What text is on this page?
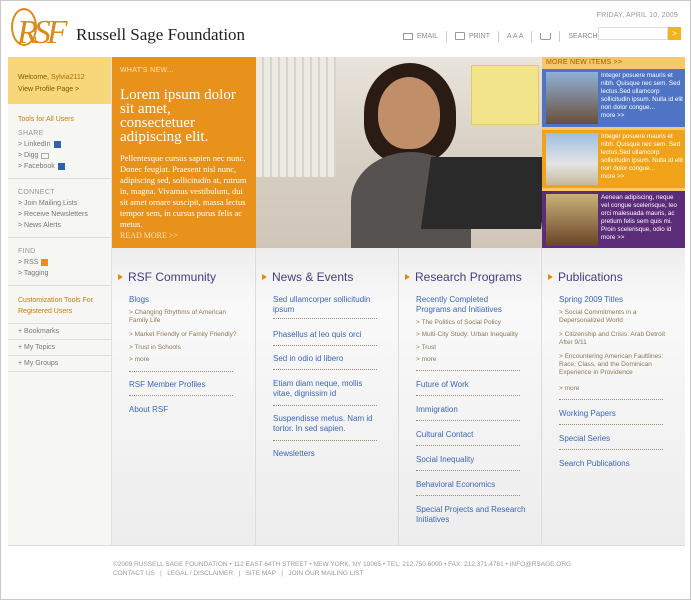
RSF Russell Sage Foundation
FRIDAY, APRIL 10, 2009
EMAIL	PRINT A A A	SEARCH	>
Welcome, Sylvia2112
View Profile Page >
Tools for All Users
SHARE
> LinkedIn
> Digg
> Facebook
CONNECT
> Join Mailing Lists
> Receive Newsletters
> News Alerts
FIND
> RSS
> Tagging
Customization Tools For Registered Users
+ Bookmarks
+ My Topics
+ My Groups
WHAT'S NEW...
Lorem ipsum dolor sit amet, consectetuer adipiscing elit.
Pellentesque cursus sapien nec nunc. Donec feugiat. Praesent nisl nunc, adipiscing sed, sollicitudin at, rutrum in, magna. Vivamus vestibulum, dui sit amet ornare suscipit, massa lectus tempor sem, in cursus purus felis ac metus.
READ MORE >>
MORE NEW ITEMS >>
Integer posuere mauris et nibh. Quisque nec sem. Sed lectus.Sed ullamcorp sollicitudin ipsum. Nulla id elit non dolor congue...
more >>
Integer posuere mauris et nibh. Quisque nec sem. Sed lectus.Sed ullamcorp sollicitudin ipsum. Nulla id elit non dolor congue...
more >>
Aenean adipiscing, neque vel congue scelerisque, leo orci malesuada mauris, ac pretium felis sem quis mi. Proin scelerisque, odio id
more >>
RSF Community
Blogs
> Changing Rhythms of American Family Life
> Market Friendly or Family Friendly?
> Trust in Schools
> more
RSF Member Profiles
About RSF
News & Events
Sed ullamcorper sollicitudin ipsum
Phasellus at leo quis orci
Sed in odio id libero
Etiam diam neque, mollis vitae, dignissim id
Suspendisse metus. Nam id tortor. In sed sapien.
Newsletters
Research Programs
Recently Completed Programs and Initiatives
> The Politics of Social Policy
> Multi-City Study: Urban Inequality
> Trust
> more
Future of Work
Immigration
Cultural Contact
Social Inequality
Behavioral Economics
Special Projects and Research Initiatives
Publications
Spring 2009 Titles
> Social Commitments in a Depersonalized World
> Citizenship and Crisis: Arab Detroit After 9/11
> Encountering American Faultlines: Race, Class, and the Dominican Experience in Providence
> more
Working Papers
Special Series
Search Publications
©2009 RUSSELL SAGE FOUNDATION • 112 EAST 64TH STREET • NEW YORK, NY 10065 • TEL: 212.750.6000 • FAX: 212.371.4761 • INFO@RSAGE.ORG
CONTACT US   |   LEGAL / DISCLAIMER   |   SITE MAP   |   JOIN OUR MAILING LIST
